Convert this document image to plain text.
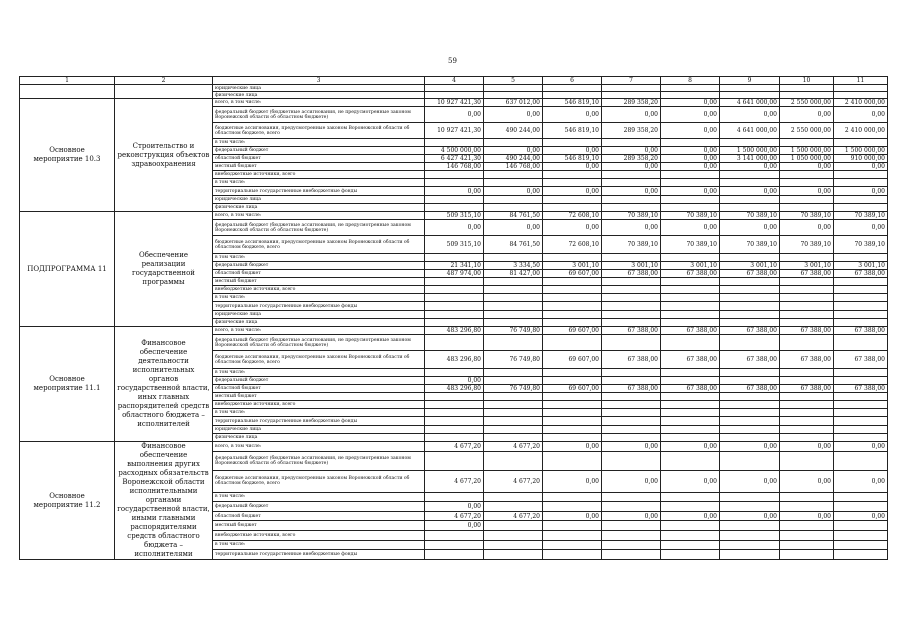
59
1	2	3	4	5	6	7	8	9	10	11
		юридические лица								
		физические лица								
Основное мероприятие 10.3	Строительство и реконструкция объектов здравоохранения	всего, в том числе:	10 927 421,30	637 012,00	546 819,10	289 358,20	0,00	4 641 000,00	2 550 000,00	2 410 000,00
		федеральный бюджет (бюджетные ассигнования, не предусмотренные законом Воронежской области об областном бюджете)	0,00	0,00	0,00	0,00	0,00	0,00	0,00	0,00
		бюджетные ассигнования, предусмотренные законом Воронежской области об областном бюджете, всего	10 927 421,30	490 244,00	546 819,10	289 358,20	0,00	4 641 000,00	2 550 000,00	2 410 000,00
		в том числе:								
		федеральный бюджет	4 500 000,00	0,00	0,00	0,00	0,00	1 500 000,00	1 500 000,00	1 500 000,00
		областной бюджет	6 427 421,30	490 244,00	546 819,10	289 358,20	0,00	3 141 000,00	1 050 000,00	910 000,00
		местный бюджет	146 768,00	146 768,00	0,00	0,00	0,00	0,00	0,00	0,00
		внебюджетные источники, всего								
		в том числе:								
		территориальные государственные внебюджетные фонды	0,00	0,00	0,00	0,00	0,00	0,00	0,00	0,00
		юридические лица								
		физические лица								
ПОДПРОГРАММА 11	Обеспечение реализации государственной программы	всего, в том числе:	509 315,10	84 761,50	72 608,10	70 389,10	70 389,10	70 389,10	70 389,10	70 389,10
		федеральный бюджет (бюджетные ассигнования, не предусмотренные законом Воронежской области об областном бюджете)	0,00	0,00	0,00	0,00	0,00	0,00	0,00	0,00
		бюджетные ассигнования, предусмотренные законом Воронежской области об областном бюджете, всего	509 315,10	84 761,50	72 608,10	70 389,10	70 389,10	70 389,10	70 389,10	70 389,10
		в том числе:								
		федеральный бюджет	21 341,10	3 334,50	3 001,10	3 001,10	3 001,10	3 001,10	3 001,10	3 001,10
		областной бюджет	487 974,00	81 427,00	69 607,00	67 388,00	67 388,00	67 388,00	67 388,00	67 388,00
		местный бюджет								
		внебюджетные источники, всего								
		в том числе:								
		территориальные государственные внебюджетные фонды								
		юридические лица								
		физические лица								
Основное мероприятие 11.1	Финансовое обеспечение деятельности исполнительных органов государственной власти, иных главных распорядителей средств областного бюджета – исполнителей	всего, в том числе:	483 296,80	76 749,80	69 607,00	67 388,00	67 388,00	67 388,00	67 388,00	67 388,00
		федеральный бюджет (бюджетные ассигнования, не предусмотренные законом Воронежской области об областном бюджете)								
		бюджетные ассигнования, предусмотренные законом Воронежской области об областном бюджете, всего	483 296,80	76 749,80	69 607,00	67 388,00	67 388,00	67 388,00	67 388,00	67 388,00
		в том числе:								
		федеральный бюджет	0,00							
		областной бюджет	483 296,80	76 749,80	69 607,00	67 388,00	67 388,00	67 388,00	67 388,00	67 388,00
		местный бюджет								
		внебюджетные источники, всего								
		в том числе:								
		территориальные государственные внебюджетные фонды								
		юридические лица								
		физические лица								
Основное мероприятие 11.2	Финансовое обеспечение выполнения других расходных обязательств Воронежской области исполнительными органами государственной власти, иными главными распорядителями средств областного бюджета – исполнителями	всего, в том числе:	4 677,20	4 677,20	0,00	0,00	0,00	0,00	0,00	0,00
		федеральный бюджет (бюджетные ассигнования, не предусмотренные законом Воронежской области об областном бюджете)								
		бюджетные ассигнования, предусмотренные законом Воронежской области об областном бюджете, всего	4 677,20	4 677,20	0,00	0,00	0,00	0,00	0,00	0,00
		в том числе:								
		федеральный бюджет	0,00							
		областной бюджет	4 677,20	4 677,20	0,00	0,00	0,00	0,00	0,00	0,00
		местный бюджет	0,00							
		внебюджетные источники, всего								
		в том числе:								
		территориальные государственные внебюджетные фонды								
